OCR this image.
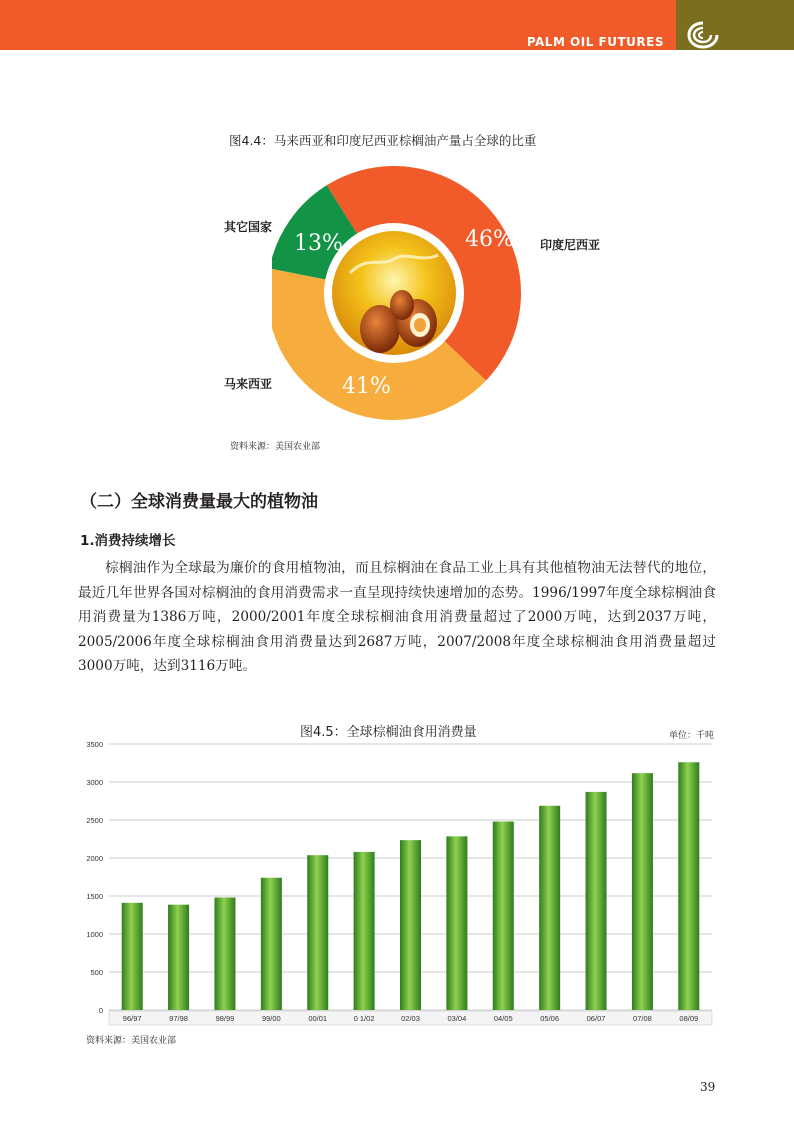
PALM OIL FUTURES
图4.4：马来西亚和印度尼西亚棕榈油产量占全球的比重
13%	46%
41%
其它国家
印度尼西亚
马来西亚
资料来源：美国农业部
（二）全球消费量最大的植物油
1.消费持续增长
棕榈油作为全球最为廉价的食用植物油，而且棕榈油在食品工业上具有其他植物油无法替代的地位，最近几年世界各国对棕榈油的食用消费需求一直呈现持续快速增加的态势。1996/1997年度全球棕榈油食用消费量为1386万吨，2000/2001年度全球棕榈油食用消费量超过了2000万吨，达到2037万吨，2005/2006年度全球棕榈油食用消费量达到2687万吨，2007/2008年度全球棕榈油食用消费量超过3000万吨，达到3116万吨。
图4.5：全球棕榈油食用消费量	单位：千吨
0
500
1000
1500
2000
2500
3000
3500
96/97	97/98	98/99	99/00	00/01	0 1/02	02/03	03/04	04/05	05/06	06/07	07/08	08/09
资料来源：美国农业部
39
